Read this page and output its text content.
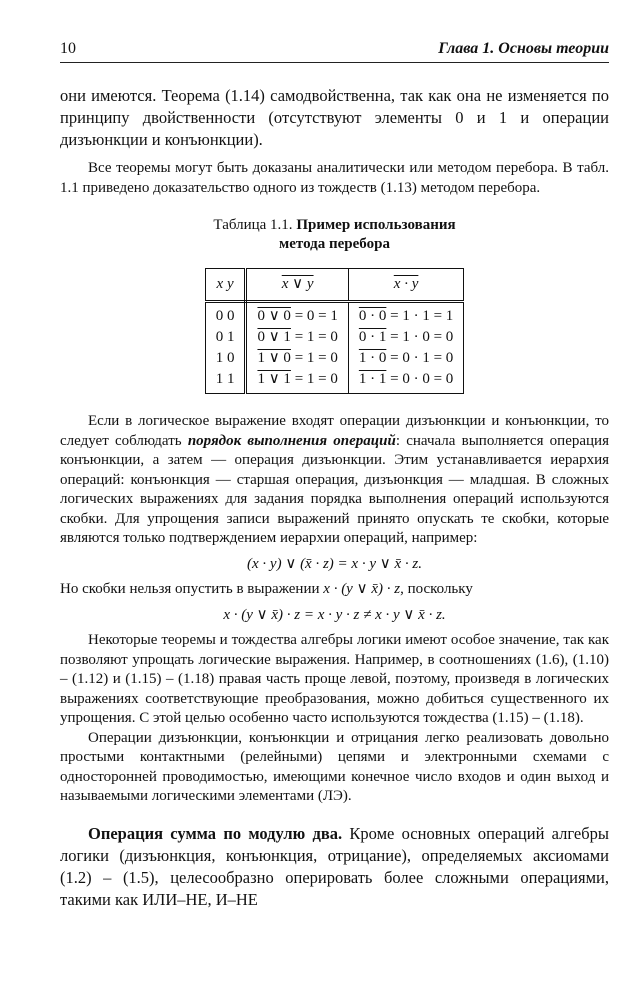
10	Глава 1. Основы теории

они имеются. Теорема (1.14) самодвойственна, так как она не изменяется по принципу двойственности (отсутствуют элементы 0 и 1 и операции дизъюнкции и конъюнкции).

Все теоремы могут быть доказаны аналитически или методом перебора. В табл. 1.1 приведено доказательство одного из тождеств (1.13) методом перебора.

Таблица 1.1. Пример использования
метода перебора
x y	x ∨ y	x · y
0 0	0 ∨ 0 = 0 = 1	0 · 0 = 1 · 1 = 1
0 1	0 ∨ 1 = 1 = 0	0 · 1 = 1 · 0 = 0
1 0	1 ∨ 0 = 1 = 0	1 · 0 = 0 · 1 = 0
1 1	1 ∨ 1 = 1 = 0	1 · 1 = 0 · 0 = 0

Если в логическое выражение входят операции дизъюнкции и конъюнкции, то следует соблюдать порядок выполнения операций: сначала выполняется операция конъюнкции, а затем — операция дизъюнкции. Этим устанавливается иерархия операций: конъюнкция — старшая операция, дизъюнкция — младшая. В сложных логических выражениях для задания порядка выполнения операций используются скобки. Для упрощения записи выражений принято опускать те скобки, которые являются только подтверждением иерархии операций, например:

(x · y) ∨ (x̄ · z) = x · y ∨ x̄ · z.

Но скобки нельзя опустить в выражении x · (y ∨ x̄) · z, поскольку

x · (y ∨ x̄) · z = x · y · z ≠ x · y ∨ x̄ · z.

Некоторые теоремы и тождества алгебры логики имеют особое значение, так как позволяют упрощать логические выражения. Например, в соотношениях (1.6), (1.10) – (1.12) и (1.15) – (1.18) правая часть проще левой, поэтому, произведя в логических выражениях соответствующие преобразования, можно добиться существенного их упрощения. С этой целью особенно часто используются тождества (1.15) – (1.18).

Операции дизъюнкции, конъюнкции и отрицания легко реализовать довольно простыми контактными (релейными) цепями и электронными схемами с односторонней проводимостью, имеющими конечное число входов и один выход и называемыми логическими элементами (ЛЭ).

Операция сумма по модулю два. Кроме основных операций алгебры логики (дизъюнкция, конъюнкция, отрицание), определяемых аксиомами (1.2) – (1.5), целесообразно оперировать более сложными операциями, такими как ИЛИ–НЕ, И–НЕ
